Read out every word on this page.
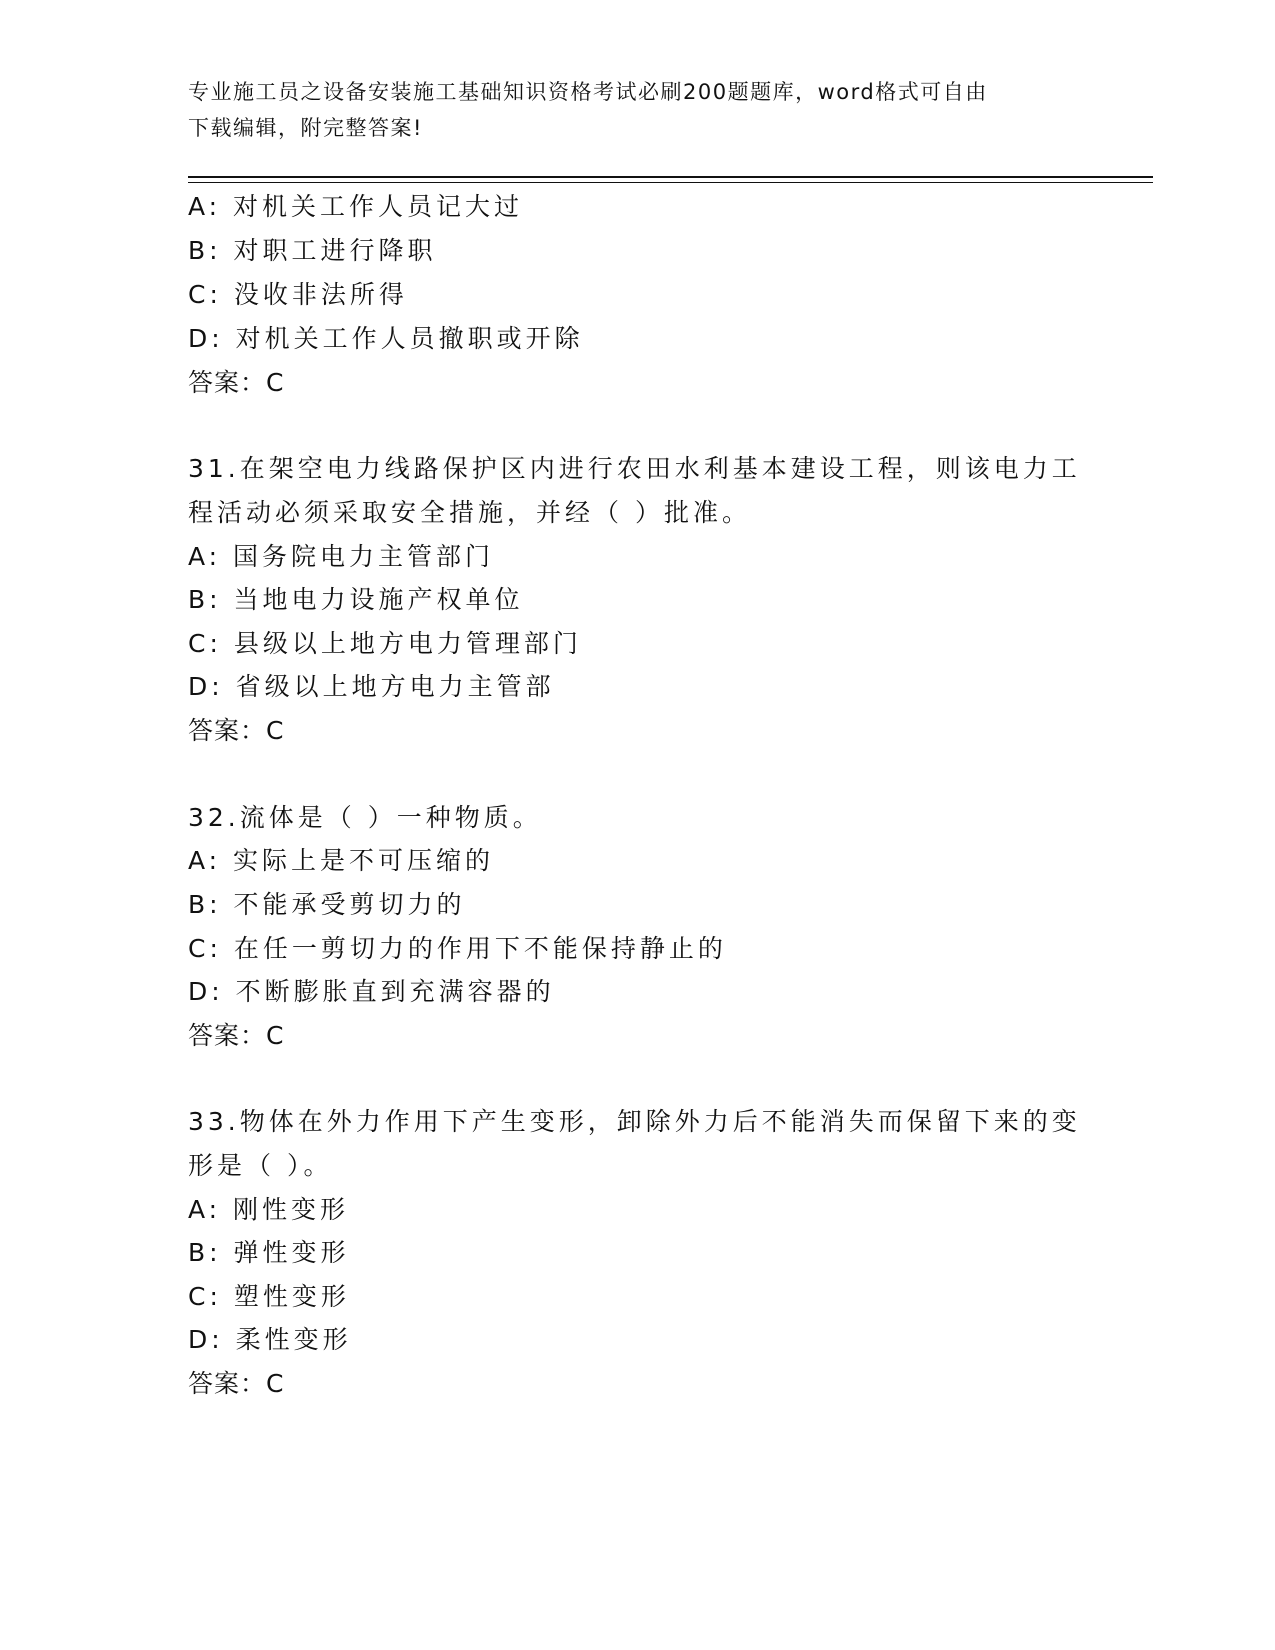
专业施工员之设备安装施工基础知识资格考试必刷200题题库，word格式可自由
下载编辑，附完整答案!
A: 对机关工作人员记大过
B: 对职工进行降职
C: 没收非法所得
D: 对机关工作人员撤职或开除
答案：C
31.在架空电力线路保护区内进行农田水利基本建设工程，则该电力工
程活动必须采取安全措施，并经（ ）批准。
A: 国务院电力主管部门
B: 当地电力设施产权单位
C: 县级以上地方电力管理部门
D: 省级以上地方电力主管部
答案：C
32.流体是（ ）一种物质。
A: 实际上是不可压缩的
B: 不能承受剪切力的
C: 在任一剪切力的作用下不能保持静止的
D: 不断膨胀直到充满容器的
答案：C
33.物体在外力作用下产生变形，卸除外力后不能消失而保留下来的变
形是（ ）。
A: 刚性变形
B: 弹性变形
C: 塑性变形
D: 柔性变形
答案：C
